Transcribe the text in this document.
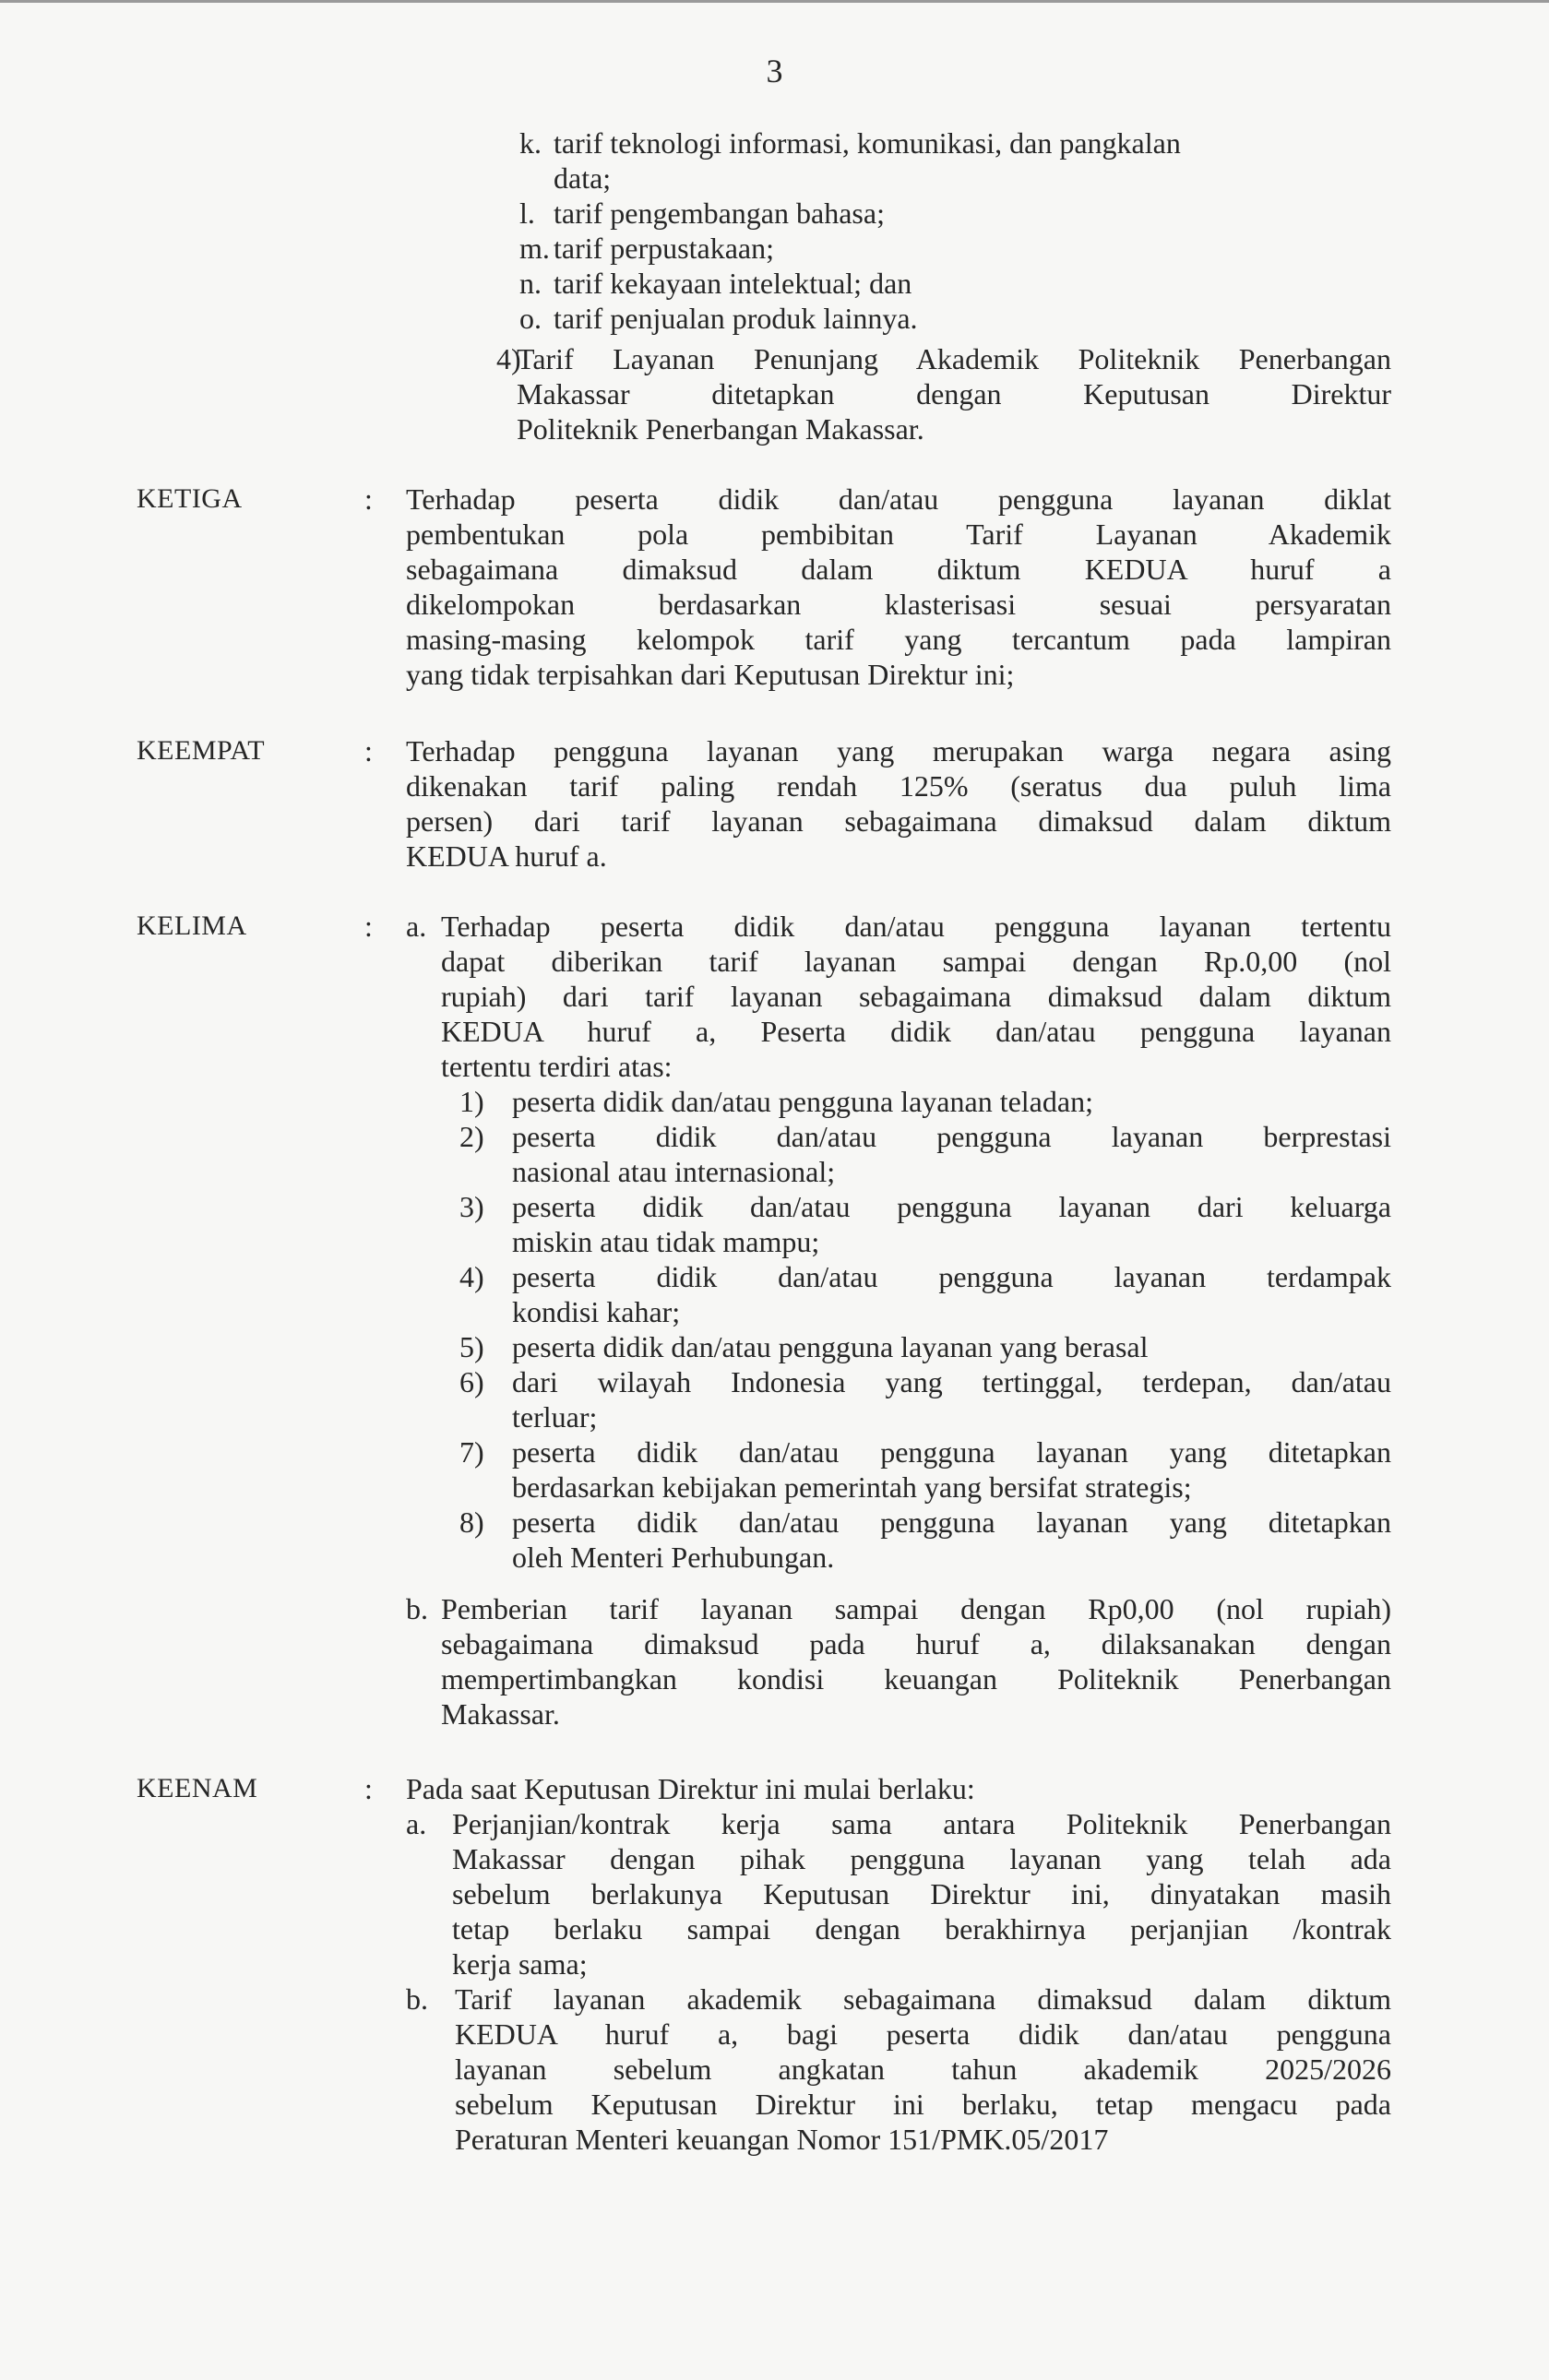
3
k. tarif teknologi informasi, komunikasi, dan pangkalan
data;
l. tarif pengembangan bahasa;
m. tarif perpustakaan;
n. tarif kekayaan intelektual; dan
o. tarif penjualan produk lainnya.
4)
Tarif Layanan Penunjang Akademik Politeknik Penerbangan
Makassar ditetapkan dengan Keputusan Direktur
Politeknik Penerbangan Makassar.
KETIGA	: Terhadap peserta didik dan/atau pengguna layanan diklat
pembentukan pola pembibitan Tarif Layanan Akademik
sebagaimana dimaksud dalam diktum KEDUA huruf a
dikelompokan berdasarkan klasterisasi sesuai persyaratan
masing-masing kelompok tarif yang tercantum pada lampiran
yang tidak terpisahkan dari Keputusan Direktur ini;
KEEMPAT	: Terhadap pengguna layanan yang merupakan warga negara asing
dikenakan tarif paling rendah 125% (seratus dua puluh lima
persen) dari tarif layanan sebagaimana dimaksud dalam diktum
KEDUA huruf a.
KELIMA	: a. Terhadap peserta didik dan/atau pengguna layanan tertentu
dapat diberikan tarif layanan sampai dengan Rp.0,00 (nol
rupiah) dari tarif layanan sebagaimana dimaksud dalam diktum
KEDUA huruf a, Peserta didik dan/atau pengguna layanan
tertentu terdiri atas:
1) peserta didik dan/atau pengguna layanan teladan;
2) peserta didik dan/atau pengguna layanan berprestasi
nasional atau internasional;
3) peserta didik dan/atau pengguna layanan dari keluarga
miskin atau tidak mampu;
4) peserta didik dan/atau pengguna layanan terdampak
kondisi kahar;
5) peserta didik dan/atau pengguna layanan yang berasal
6) dari wilayah Indonesia yang tertinggal, terdepan, dan/atau
terluar;
7) peserta didik dan/atau pengguna layanan yang ditetapkan
berdasarkan kebijakan pemerintah yang bersifat strategis;
8) peserta didik dan/atau pengguna layanan yang ditetapkan
oleh Menteri Perhubungan.
b. Pemberian tarif layanan sampai dengan Rp0,00 (nol rupiah)
sebagaimana dimaksud pada huruf a, dilaksanakan dengan
mempertimbangkan kondisi keuangan Politeknik Penerbangan
Makassar.
KEENAM	: Pada saat Keputusan Direktur ini mulai berlaku:
a. Perjanjian/kontrak kerja sama antara Politeknik Penerbangan
Makassar dengan pihak pengguna layanan yang telah ada
sebelum berlakunya Keputusan Direktur ini, dinyatakan masih
tetap berlaku sampai dengan berakhirnya perjanjian /kontrak
kerja sama;
b. Tarif layanan akademik sebagaimana dimaksud dalam diktum
KEDUA huruf a, bagi peserta didik dan/atau pengguna
layanan sebelum angkatan tahun akademik 2025/2026
sebelum Keputusan Direktur ini berlaku, tetap mengacu pada
Peraturan Menteri keuangan Nomor 151/PMK.05/2017
